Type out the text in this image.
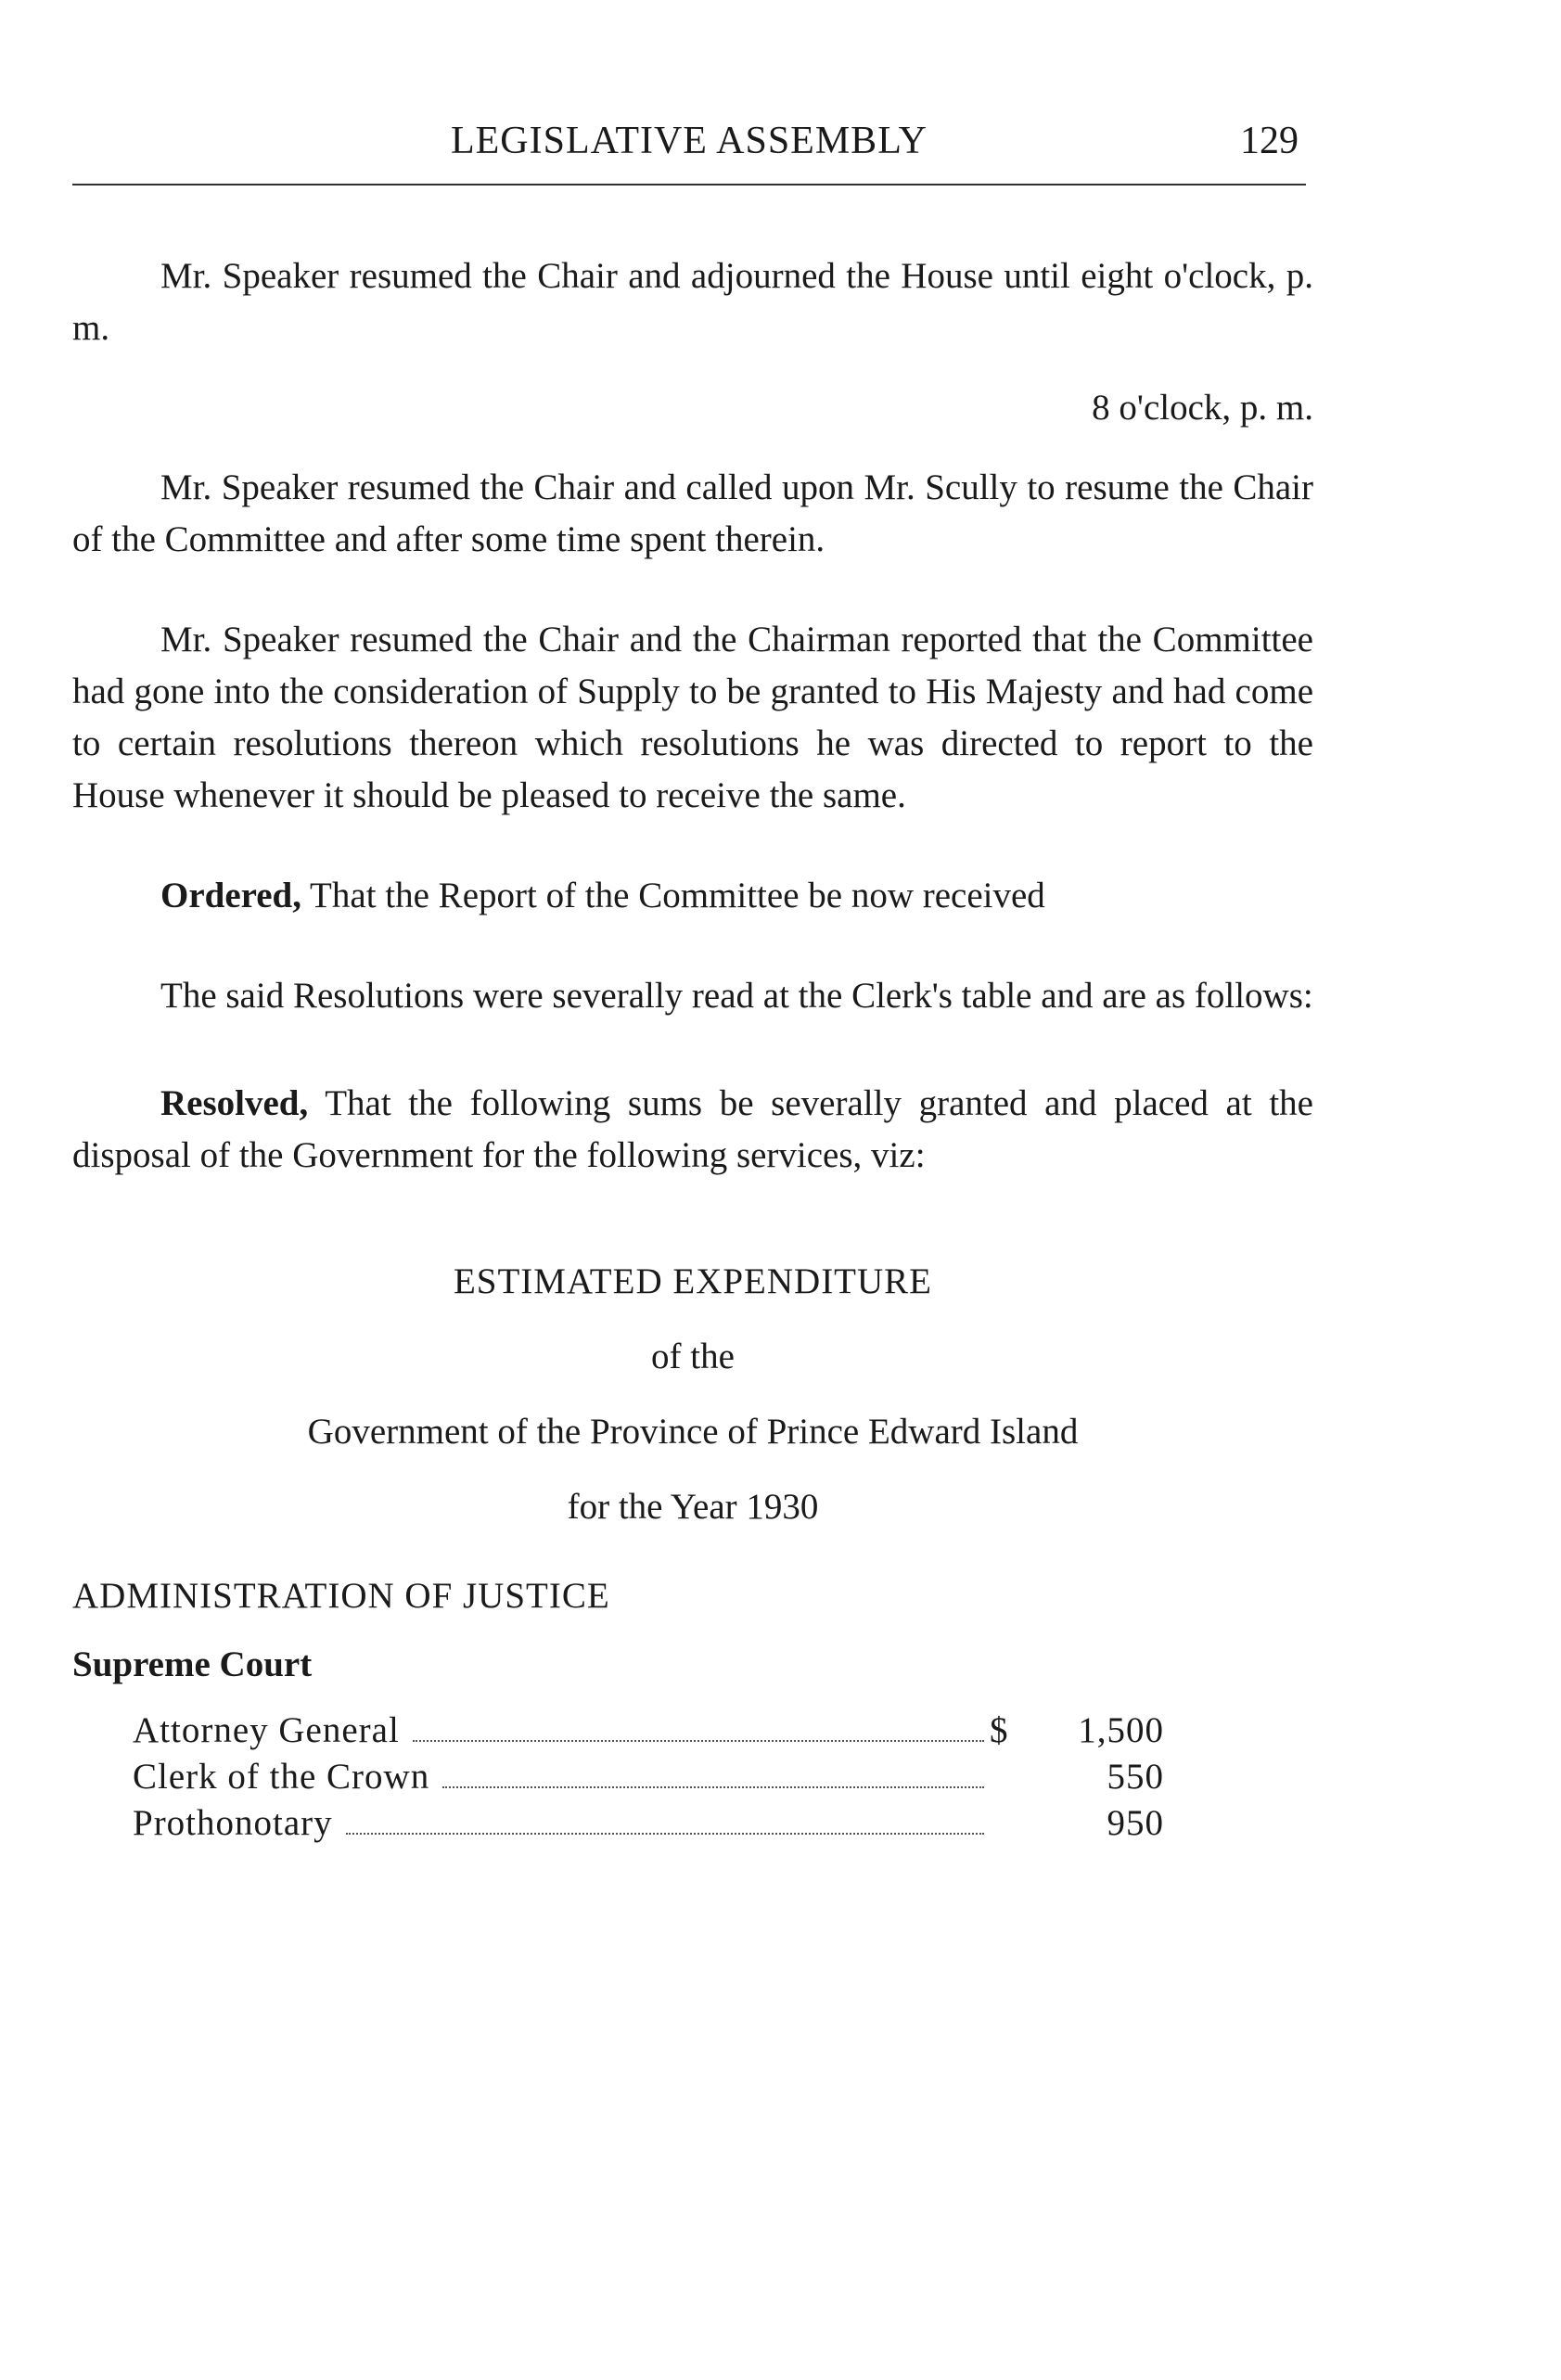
LEGISLATIVE ASSEMBLY	129

Mr. Speaker resumed the Chair and adjourned the House until eight o'clock, p. m.

8 o'clock, p. m.

Mr. Speaker resumed the Chair and called upon Mr. Scully to resume the Chair of the Committee and after some time spent therein.

Mr. Speaker resumed the Chair and the Chairman reported that the Committee had gone into the consideration of Supply to be granted to His Majesty and had come to certain resolutions thereon which resolutions he was directed to report to the House whenever it should be pleased to receive the same.

Ordered, That the Report of the Committee be now received

The said Resolutions were severally read at the Clerk's table and are as follows:

Resolved, That the following sums be severally granted and placed at the disposal of the Government for the following services, viz:

ESTIMATED EXPENDITURE
of the
Government of the Province of Prince Edward Island
for the Year 1930
ADMINISTRATION OF JUSTICE
Supreme Court
Attorney General	$	1,500
Clerk of the Crown	550
Prothonotary	950
